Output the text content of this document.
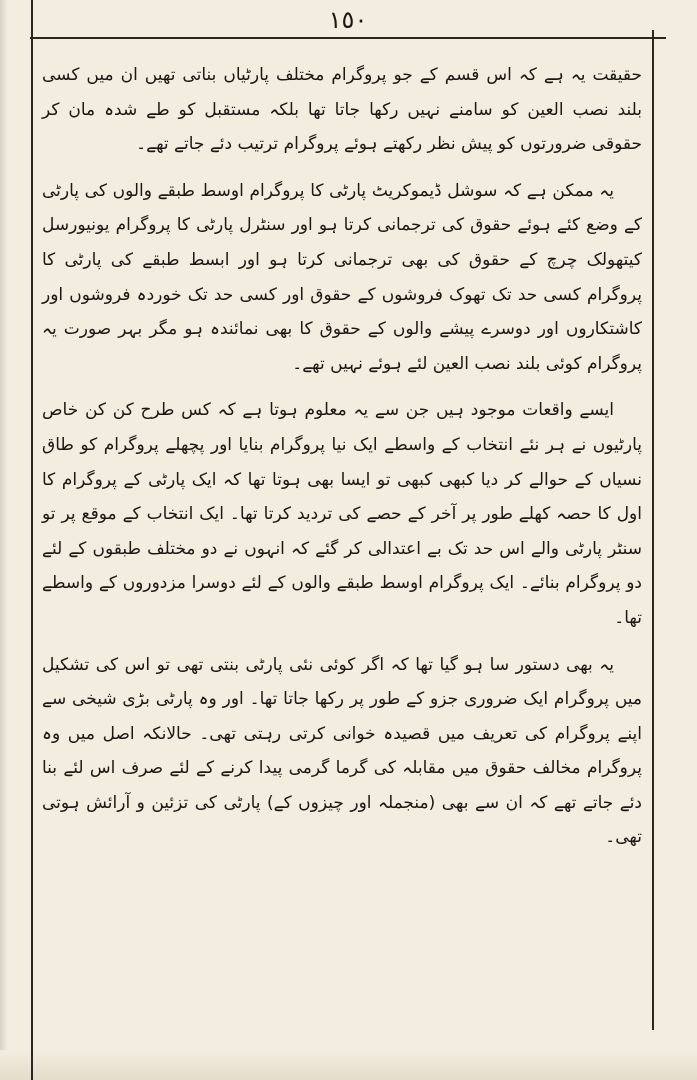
١٥٠

حقیقت یہ ہے کہ اس قسم کے جو پروگرام مختلف پارٹیاں بناتی تھیں ان میں کسی بلند نصب العین کو سامنے نہیں رکھا جاتا تھا بلکہ مستقبل کو طے شدہ مان کر حقوقی ضرورتوں کو پیش نظر رکھتے ہوئے پروگرام ترتیب دئے جاتے تھے۔

یہ ممکن ہے کہ سوشل ڈیموکریٹ پارٹی کا پروگرام اوسط طبقے والوں کی پارٹی کے وضع کئے ہوئے حقوق کی ترجمانی کرتا ہو اور سنٹرل پارٹی کا پروگرام یونیورسل کیتھولک چرچ کے حقوق کی بھی ترجمانی کرتا ہو اور ابسط طبقے کی پارٹی کا پروگرام کسی حد تک تھوک فروشوں کے حقوق اور کسی حد تک خوردہ فروشوں اور کاشتکاروں اور دوسرے پیشے والوں کے حقوق کا بھی نمائندہ ہو مگر بہر صورت یہ پروگرام کوئی بلند نصب العین لئے ہوئے نہیں تھے۔

ایسے واقعات موجود ہیں جن سے یہ معلوم ہوتا ہے کہ کس طرح کن کن خاص پارٹیوں نے ہر نئے انتخاب کے واسطے ایک نیا پروگرام بنایا اور پچھلے پروگرام کو طاق نسیاں کے حوالے کر دیا کبھی کبھی تو ایسا بھی ہوتا تھا کہ ایک پارٹی کے پروگرام کا اول کا حصہ کھلے طور پر آخر کے حصے کی تردید کرتا تھا۔ ایک انتخاب کے موقع پر تو سنٹر پارٹی والے اس حد تک بے اعتدالی کر گئے کہ انہوں نے دو مختلف طبقوں کے لئے دو پروگرام بنائے۔ ایک پروگرام اوسط طبقے والوں کے لئے دوسرا مزدوروں کے واسطے تھا۔

یہ بھی دستور سا ہو گیا تھا کہ اگر کوئی نئی پارٹی بنتی تھی تو اس کی تشکیل میں پروگرام ایک ضروری جزو کے طور پر رکھا جاتا تھا۔ اور وہ پارٹی بڑی شیخی سے اپنے پروگرام کی تعریف میں قصیدہ خوانی کرتی رہتی تھی۔ حالانکہ اصل میں وہ پروگرام مخالف حقوق میں مقابلہ کی گرما گرمی پیدا کرنے کے لئے صرف اس لئے بنا دئے جاتے تھے کہ ان سے بھی (منجملہ اور چیزوں کے) پارٹی کی تزئین و آرائش ہوتی تھی۔
